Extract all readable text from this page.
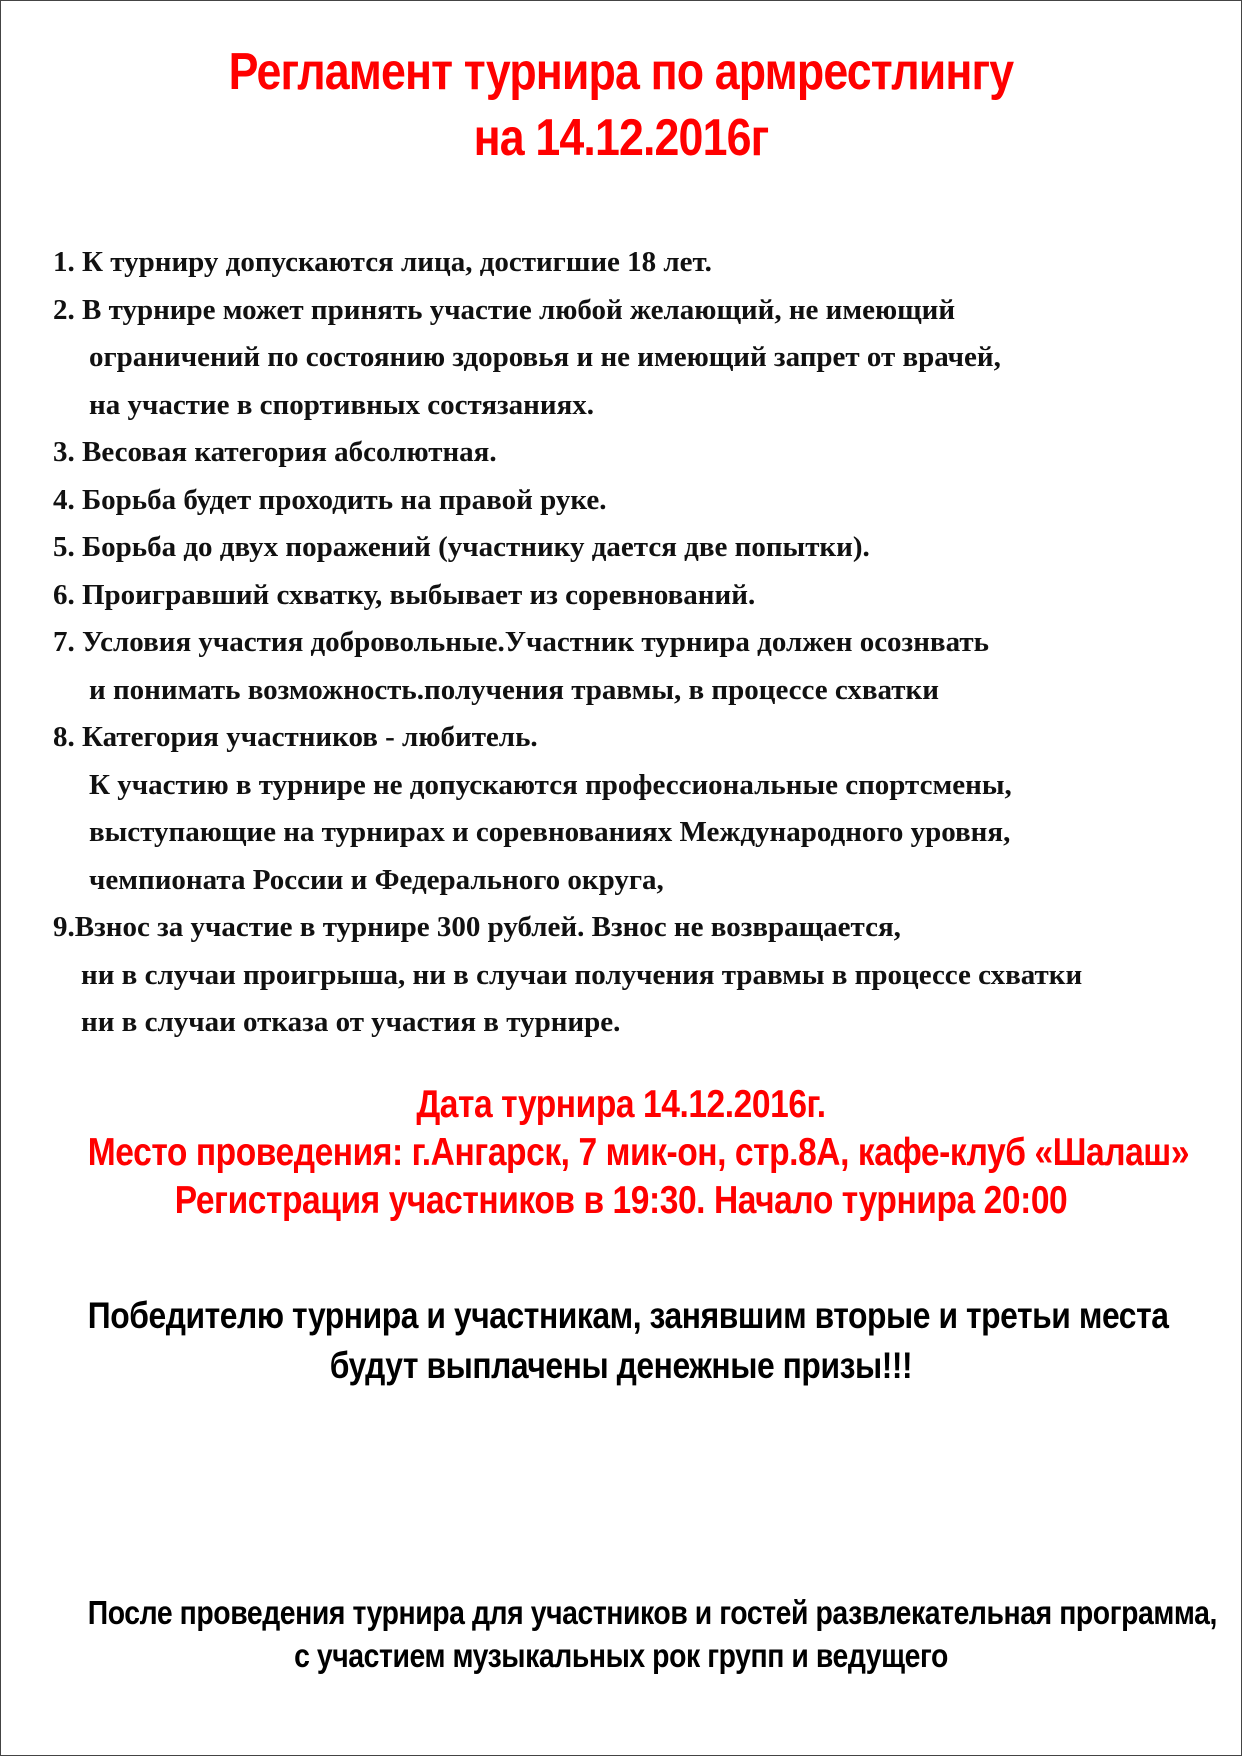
Регламент турнира по армрестлингу
на 14.12.2016г
1. К турниру допускаются лица, достигшие 18 лет.
2. В турнире может принять участие любой желающий, не имеющий
ограничений по состоянию здоровья и не имеющий запрет от врачей,
на участие в спортивных состязаниях.
3. Весовая категория абсолютная.
4. Борьба будет проходить на правой руке.
5. Борьба до двух поражений (участнику дается две попытки).
6. Проигравший схватку, выбывает из соревнований.
7. Условия участия добровольные.Участник турнира должен осознвать
и понимать возможность.получения травмы, в процессе схватки
8. Категория участников - любитель.
К участию в турнире не допускаются профессиональные спортсмены,
выступающие на турнирах и соревнованиях Международного уровня,
чемпионата России и Федерального округа,
9.Взнос за участие в турнире 300 рублей. Взнос не возвращается,
ни в случаи проигрыша, ни в случаи получения травмы в процессе схватки
ни в случаи отказа от участия в турнире.
Дата турнира 14.12.2016г.
Место проведения: г.Ангарск, 7 мик-он, стр.8А, кафе-клуб «Шалаш»
Регистрация участников в 19:30. Начало турнира 20:00
Победителю турнира и участникам, занявшим вторые и третьи места
будут выплачены денежные призы!!!
После проведения турнира для участников и гостей развлекательная программа,
с участием музыкальных рок групп и ведущего
